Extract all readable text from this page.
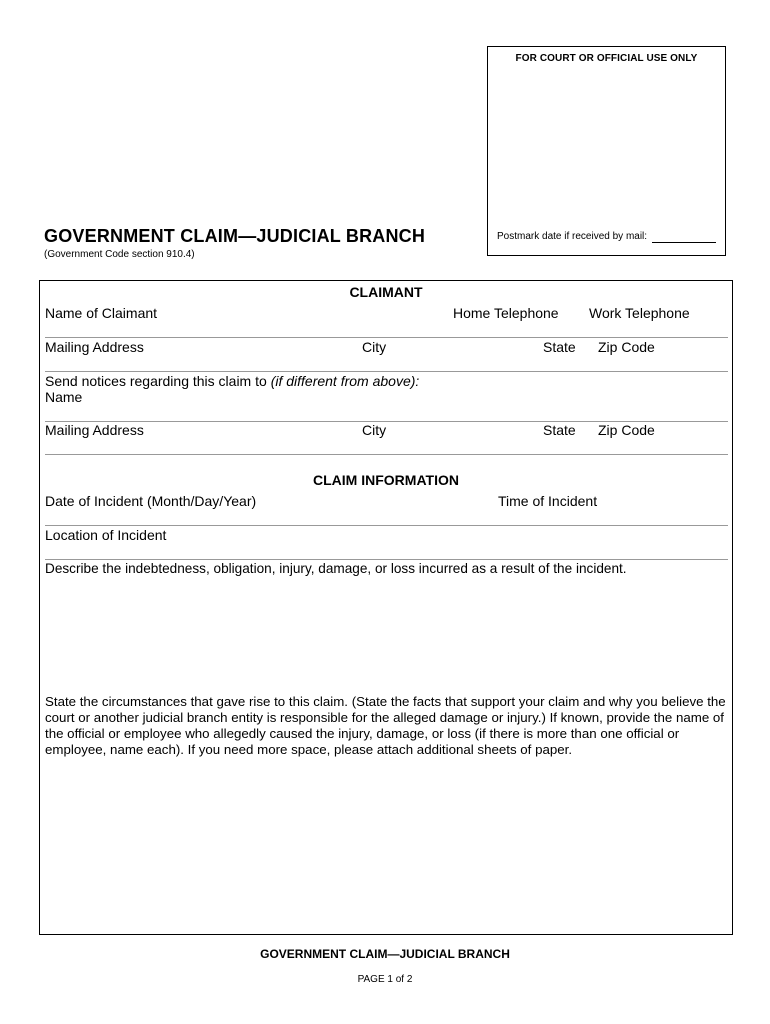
FOR COURT OR OFFICIAL USE ONLY
Postmark date if received by mail:
GOVERNMENT CLAIM—JUDICIAL BRANCH
(Government Code section 910.4)
CLAIMANT
Name of Claimant	Home Telephone Work Telephone
Mailing Address	City	State Zip Code
Send notices regarding this claim to (if different from above):
Name
Mailing Address	City	State Zip Code
CLAIM INFORMATION
Date of Incident (Month/Day/Year)	Time of Incident
Location of Incident
Describe the indebtedness, obligation, injury, damage, or loss incurred as a result of the incident.
State the circumstances that gave rise to this claim. (State the facts that support your claim and why you believe the court or another judicial branch entity is responsible for the alleged damage or injury.) If known, provide the name of the official or employee who allegedly caused the injury, damage, or loss (if there is more than one official or employee, name each). If you need more space, please attach additional sheets of paper.
GOVERNMENT CLAIM—JUDICIAL BRANCH
PAGE 1 of 2
